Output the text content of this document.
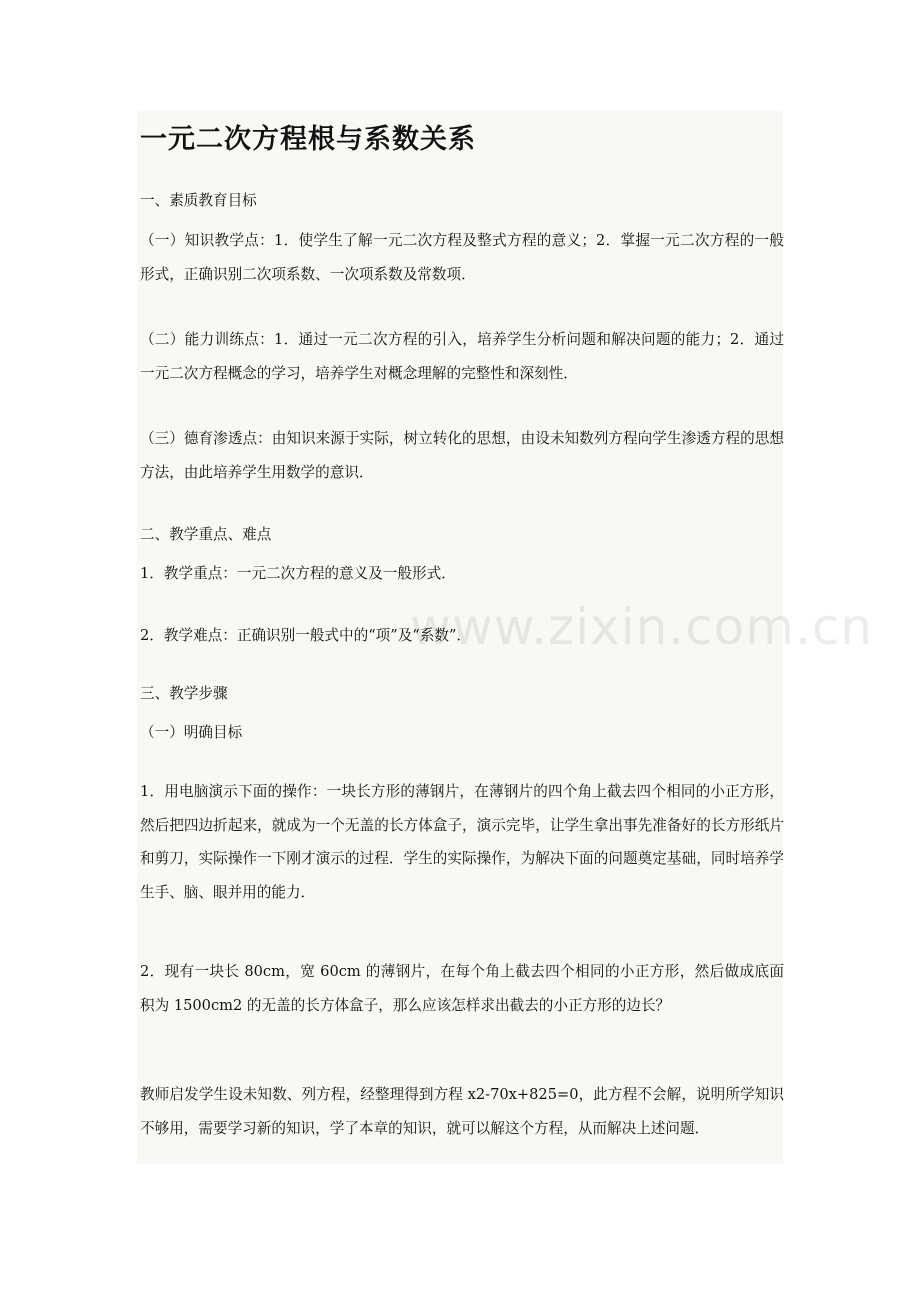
www.zixin.com.cn
一元二次方程根与系数关系

一、素质教育目标

（一）知识教学点：1．使学生了解一元二次方程及整式方程的意义；2．掌握一元二次方程的一般形式，正确识别二次项系数、一次项系数及常数项．

（二）能力训练点：1．通过一元二次方程的引入，培养学生分析问题和解决问题的能力；2．通过一元二次方程概念的学习，培养学生对概念理解的完整性和深刻性．

（三）德育渗透点：由知识来源于实际，树立转化的思想，由设未知数列方程向学生渗透方程的思想方法，由此培养学生用数学的意识．

二、教学重点、难点

1．教学重点：一元二次方程的意义及一般形式．

2．教学难点：正确识别一般式中的“项”及“系数”．

三、教学步骤

（一）明确目标

1．用电脑演示下面的操作：一块长方形的薄钢片，在薄钢片的四个角上截去四个相同的小正方形，然后把四边折起来，就成为一个无盖的长方体盒子，演示完毕，让学生拿出事先准备好的长方形纸片和剪刀，实际操作一下刚才演示的过程．学生的实际操作，为解决下面的问题奠定基础，同时培养学生手、脑、眼并用的能力．

2．现有一块长 80cm，宽 60cm 的薄钢片，在每个角上截去四个相同的小正方形，然后做成底面积为 1500cm2 的无盖的长方体盒子，那么应该怎样求出截去的小正方形的边长？

教师启发学生设未知数、列方程，经整理得到方程 x2-70x+825=0，此方程不会解，说明所学知识不够用，需要学习新的知识，学了本章的知识，就可以解这个方程，从而解决上述问题．
